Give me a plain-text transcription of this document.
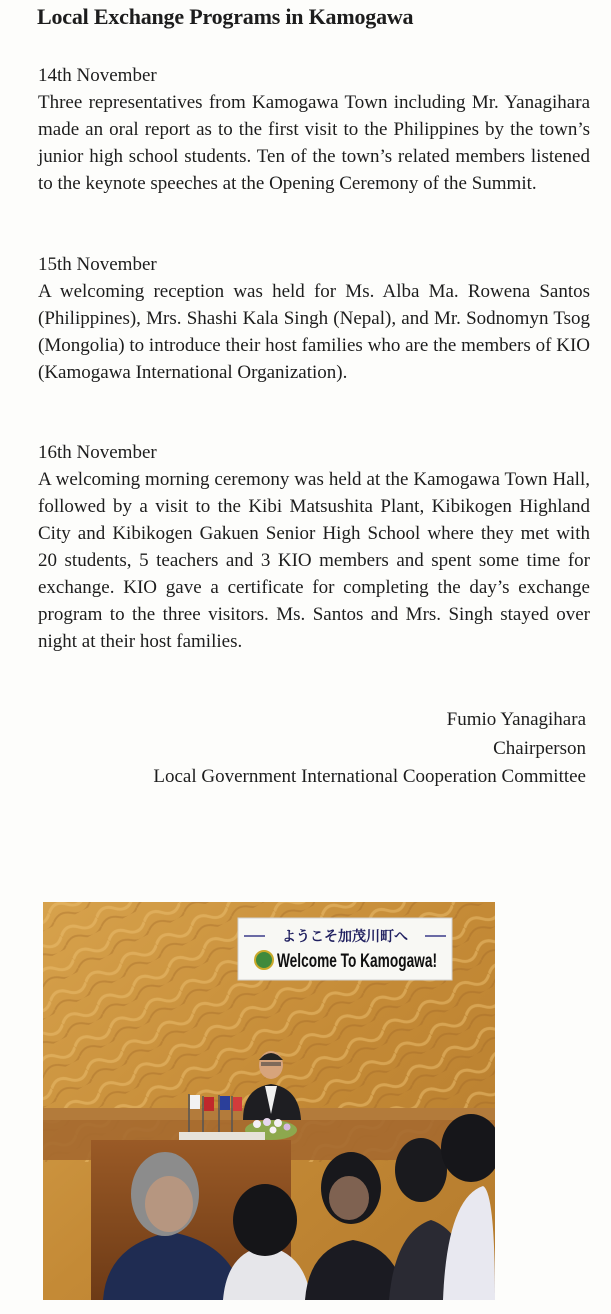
Local Exchange Programs in Kamogawa
14th November
Three representatives from Kamogawa Town including Mr. Yanagihara made an oral report as to the first visit to the Philippines by the town’s junior high school students. Ten of the town’s related members listened to the keynote speeches at the Opening Ceremony of the Summit.
15th November
A welcoming reception was held for Ms. Alba Ma. Rowena Santos (Philippines), Mrs. Shashi Kala Singh (Nepal), and Mr. Sodnomyn Tsog (Mongolia) to introduce their host families who are the members of KIO (Kamogawa International Organization).
16th November
A welcoming morning ceremony was held at the Kamogawa Town Hall, followed by a visit to the Kibi Matsushita Plant, Kibikogen Highland City and Kibikogen Gakuen Senior High School where they met with 20 students, 5 teachers and 3 KIO members and spent some time for exchange. KIO gave a certificate for completing the day’s exchange program to the three visitors. Ms. Santos and Mrs. Singh stayed over night at their host families.
Fumio Yanagihara
Chairperson
Local Government International Cooperation Committee
ようこそ加茂川町へ
Welcome To Kamogawa!
